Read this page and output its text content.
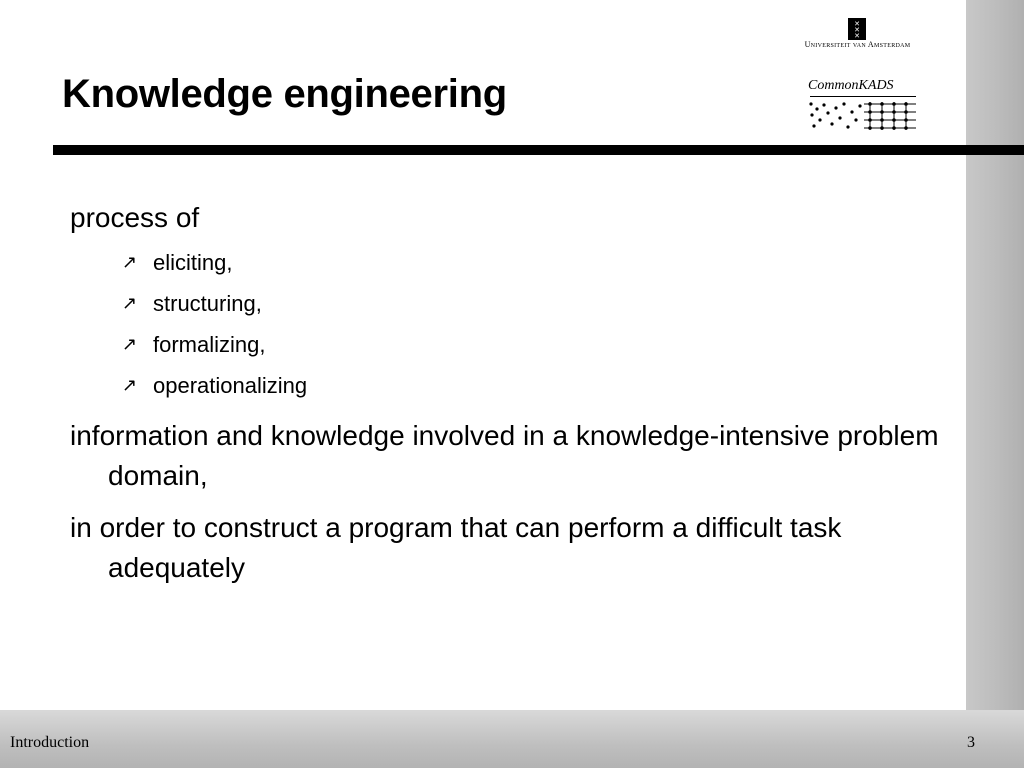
✕
✕
✕
Universiteit van Amsterdam
CommonKADS
Knowledge engineering

process of

↗ eliciting,
↗ structuring,
↗ formalizing,
↗ operationalizing

information and knowledge involved in a knowledge-intensive problem domain,

in order to construct a program that can perform a difficult task adequately

Introduction	3
